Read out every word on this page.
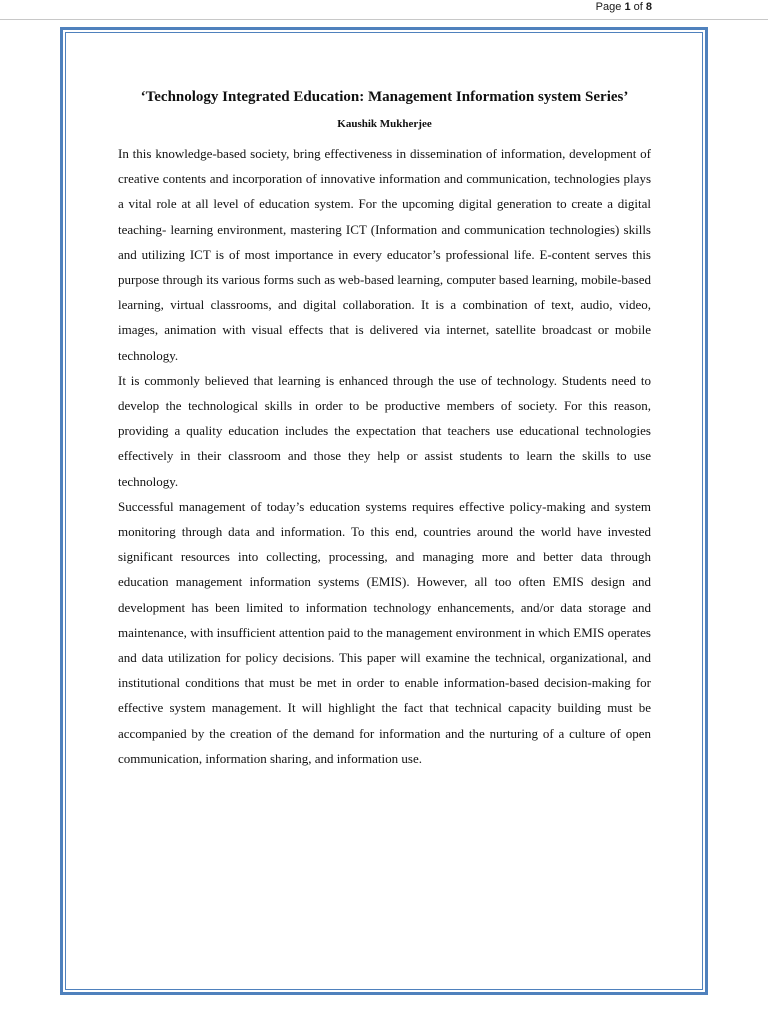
Page 1 of 8
‘Technology Integrated Education: Management Information system Series’

Kaushik Mukherjee

In this knowledge-based society, bring effectiveness in dissemination of information, development of creative contents and incorporation of innovative information and communication, technologies plays a vital role at all level of education system. For the upcoming digital generation to create a digital teaching- learning environment, mastering ICT (Information and communication technologies) skills and utilizing ICT is of most importance in every educator’s professional life. E-content serves this purpose through its various forms such as web-based learning, computer based learning, mobile-based learning, virtual classrooms, and digital collaboration. It is a combination of text, audio, video, images, animation with visual effects that is delivered via internet, satellite broadcast or mobile technology.

It is commonly believed that learning is enhanced through the use of technology. Students need to develop the technological skills in order to be productive members of society. For this reason, providing a quality education includes the expectation that teachers use educational technologies effectively in their classroom and those they help or assist students to learn the skills to use technology.

Successful management of today’s education systems requires effective policy-making and system monitoring through data and information. To this end, countries around the world have invested significant resources into collecting, processing, and managing more and better data through education management information systems (EMIS). However, all too often EMIS design and development has been limited to information technology enhancements, and/or data storage and maintenance, with insufficient attention paid to the management environment in which EMIS operates and data utilization for policy decisions. This paper will examine the technical, organizational, and institutional conditions that must be met in order to enable information-based decision-making for effective system management. It will highlight the fact that technical capacity building must be accompanied by the creation of the demand for information and the nurturing of a culture of open communication, information sharing, and information use.
